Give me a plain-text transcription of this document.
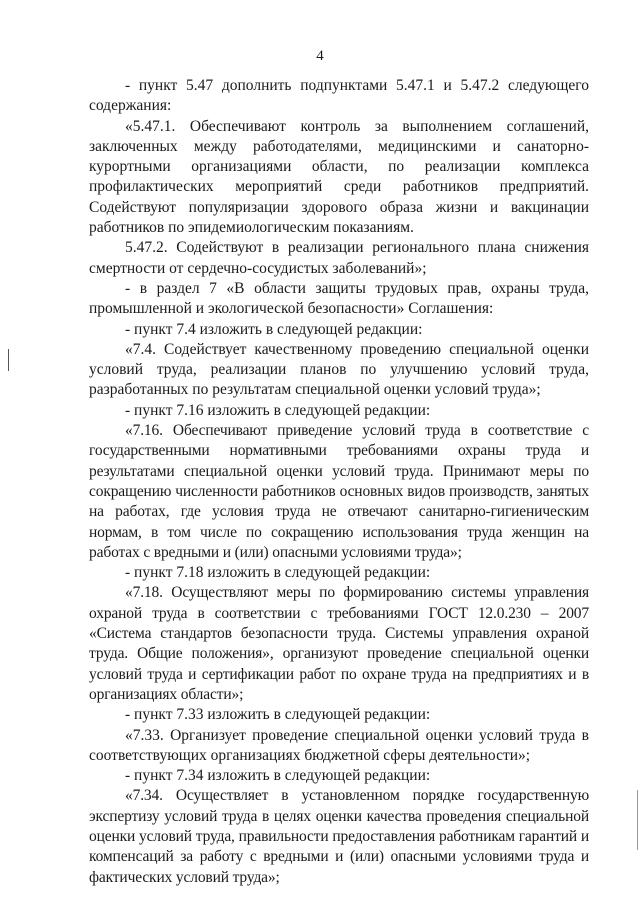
4

- пункт 5.47 дополнить подпунктами 5.47.1 и 5.47.2 следующего содержания:

«5.47.1. Обеспечивают контроль за выполнением соглашений, заключенных между работодателями, медицинскими и санаторно-курортными организациями области, по реализации комплекса профилактических мероприятий среди работников предприятий. Содействуют популяризации здорового образа жизни и вакцинации работников по эпидемиологическим показаниям.

5.47.2. Содействуют в реализации регионального плана снижения смертности от сердечно-сосудистых заболеваний»;

- в раздел 7 «В области защиты трудовых прав, охраны труда, промышленной и экологической безопасности» Соглашения:

- пункт 7.4 изложить в следующей редакции:

«7.4. Содействует качественному проведению специальной оценки условий труда, реализации планов по улучшению условий труда, разработанных по результатам специальной оценки условий труда»;

- пункт 7.16 изложить в следующей редакции:

«7.16. Обеспечивают приведение условий труда в соответствие с государственными нормативными требованиями охраны труда и результатами специальной оценки условий труда. Принимают меры по сокращению численности работников основных видов производств, занятых на работах, где условия труда не отвечают санитарно-гигиеническим нормам, в том числе по сокращению использования труда женщин на работах с вредными и (или) опасными условиями труда»;

- пункт 7.18 изложить в следующей редакции:

«7.18. Осуществляют меры по формированию системы управления охраной труда в соответствии с требованиями ГОСТ 12.0.230 – 2007 «Система стандартов безопасности труда. Системы управления охраной труда. Общие положения», организуют проведение специальной оценки условий труда и сертификации работ по охране труда на предприятиях и в организациях области»;

- пункт 7.33 изложить в следующей редакции:

«7.33. Организует проведение специальной оценки условий труда в соответствующих организациях бюджетной сферы деятельности»;

- пункт 7.34 изложить в следующей редакции:

«7.34. Осуществляет в установленном порядке государственную экспертизу условий труда в целях оценки качества проведения специальной оценки условий труда, правильности предоставления работникам гарантий и компенсаций за работу с вредными и (или) опасными условиями труда и фактических условий труда»;
